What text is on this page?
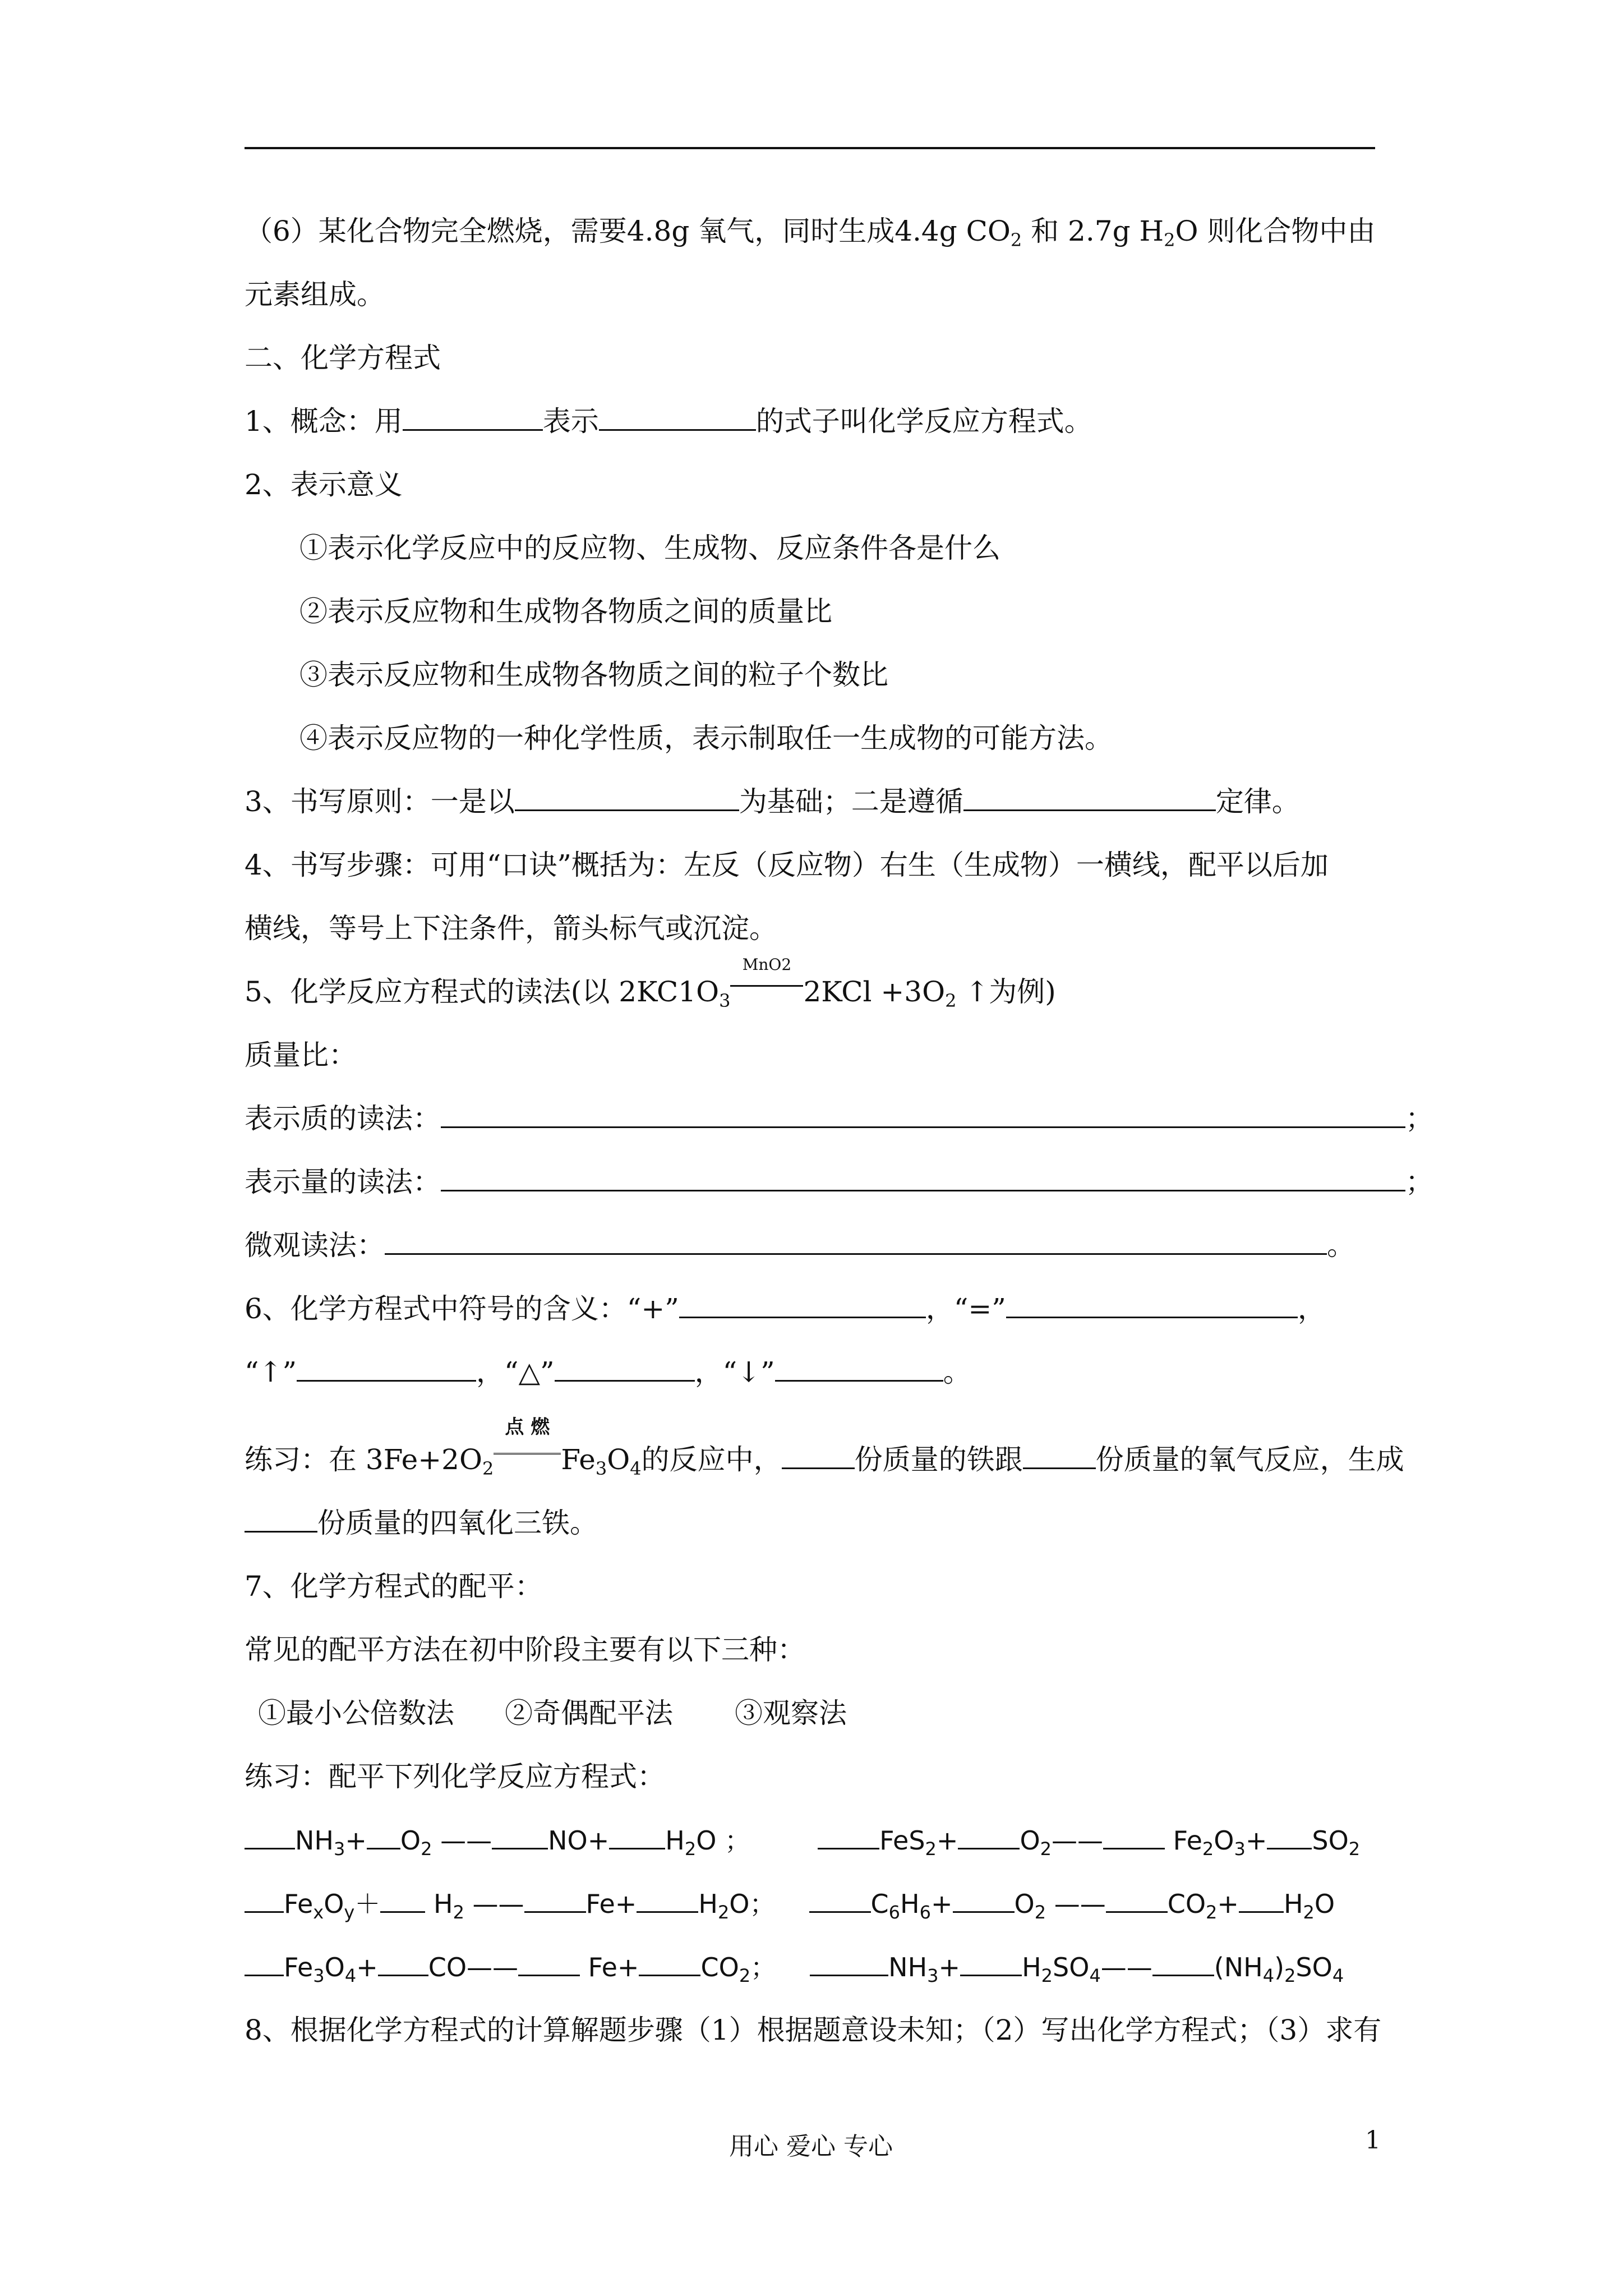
（6）某化合物完全燃烧，需要4.8g 氧气，同时生成4.4g $CO_2$ 和 2.7g $H_2O$ 则化合物中由
元素组成。
二、化学方程式
1、概念：用	表示	的式子叫化学反应方程式。
2、表示意义
①表示化学反应中的反应物、生成物、反应条件各是什么
②表示反应物和生成物各物质之间的质量比
③表示反应物和生成物各物质之间的粒子个数比
④表示反应物的一种化学性质，表示制取任一生成物的可能方法。
3、书写原则：一是以	为基础；二是遵循	定律。
4、书写步骤：可用“口诀”概括为：左反（反应物）右生（生成物）一横线，配平以后加
横线，等号上下注条件，箭头标气或沉淀。
5、化学反应方程式的读法(以 $2KC1O_3$
MnO2
$2KCl +3O_2$ ↑为例)
质量比：
表示质的读法：	；
表示量的读法：	；
微观读法：	。
6、化学方程式中符号的含义：“+”	，“=”	，
“↑”	，“△”	，“↓”	。
练习：在 $3Fe+2O_2$
点 燃
$Fe_3O_4$的反应中，	份质量的铁跟	份质量的氧气反应，生成
份质量的四氧化三铁。
7、化学方程式的配平：
常见的配平方法在初中阶段主要有以下三种：
①最小公倍数法 ②奇偶配平法 ③观察法
练习：配平下列化学反应方程式：
$NH_3+ O_2$ —— $NO+ H_2O$ ；	$FeS_2+ O_2——$ $Fe_2O_3+ SO_2$
$Fe_xO_y+ H_2$ —— $Fe+ H_2O$；	$C_6H_6+ O_2$ —— $CO_2+ H_2O$
$Fe_3O_4+$ CO—— $Fe+ CO_2$；	$NH_3+$ $H_2SO_4——$ $(NH_4)_2SO_4$
8、根据化学方程式的计算解题步骤（1）根据题意设未知；（2）写出化学方程式；（3）求有
用心 爱心 专心	1
